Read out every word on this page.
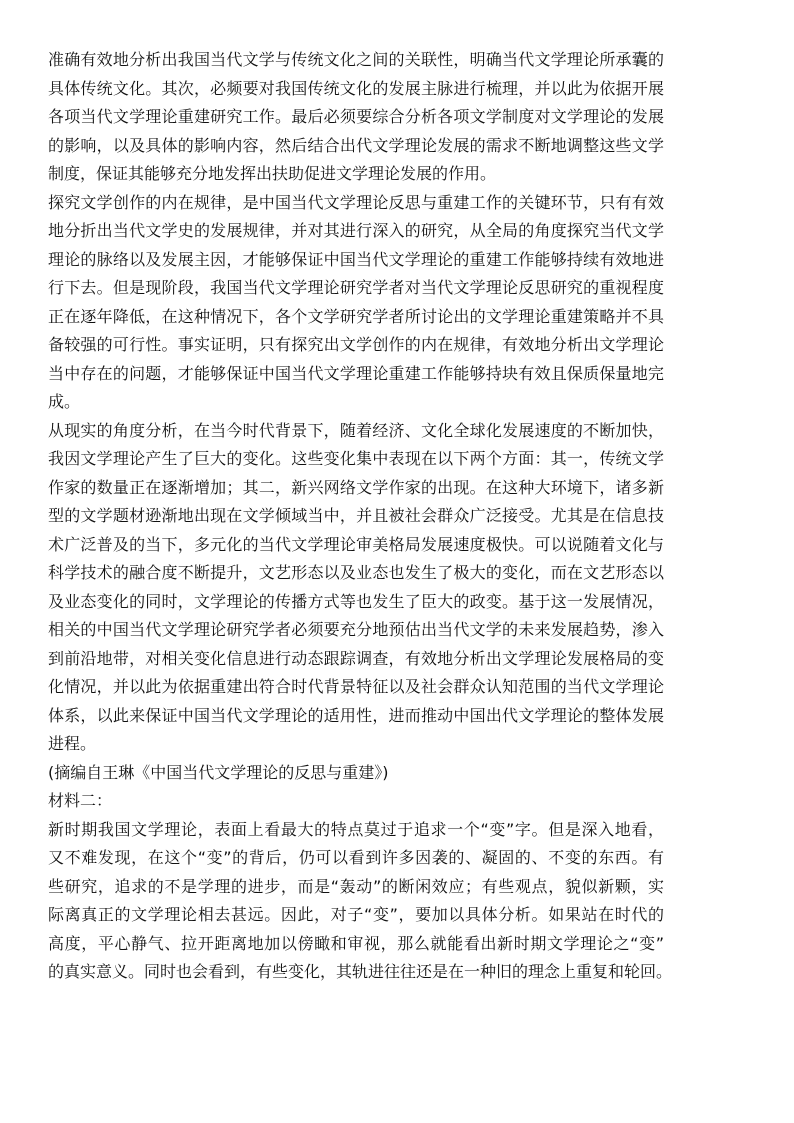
准确有效地分析出我国当代文学与传统文化之间的关联性，明确当代文学理论所承囊的
具体传统文化。其次，必频要对我国传统文化的发展主脉进行梳理，并以此为依据开展
各项当代文学理论重建研究工作。最后必须要综合分析各项文学制度对文学理论的发展
的影响，以及具体的影响内容，然后结合出代文学理论发展的需求不断地调整这些文学
制度，保证其能够充分地发挥出扶助促进文学理论发展的作用。
探究文学创作的内在规律，是中国当代文学理论反思与重建工作的关键环节，只有有效
地分折出当代文学史的发展规律，并对其进行深入的研究，从全局的角度探究当代文学
理论的脉络以及发展主因，才能够保证中国当代文学理论的重建工作能够持续有效地进
行下去。但是现阶段，我国当代文学理论研究学者对当代文学理论反思研究的重视程度
正在逐年降低，在这种情况下，各个文学研究学者所讨论出的文学理论重建策略并不具
备较强的可行性。事实证明，只有探究出文学创作的内在规律，有效地分析出文学理论
当中存在的问题，才能够保证中国当代文学理论重建工作能够持块有效且保质保量地完
成。
从现实的角度分析，在当今时代背景下，随着经济、文化全球化发展速度的不断加快，
我因文学理论产生了巨大的变化。这些变化集中表现在以下两个方面：其一，传统文学
作家的数量正在逐渐增加；其二，新兴网络文学作家的出现。在这种大环境下，诸多新
型的文学题材逊渐地出现在文学倾域当中，并且被社会群众广泛接受。尤其是在信息技
术广泛普及的当下，多元化的当代文学理论审美格局发展速度极快。可以说随着文化与
科学技术的融合度不断提升，文艺形态以及业态也发生了极大的变化，而在文艺形态以
及业态变化的同时，文学理论的传播方式等也发生了臣大的政变。基于这一发展情况，
相关的中国当代文学理论研究学者必须要充分地预估出当代文学的未来发展趋势，渗入
到前沿地带，对相关变化信息进行动态跟踪调查，有效地分析出文学理论发展格局的变
化情况，并以此为依据重建出符合时代背景特征以及社会群众认知范围的当代文学理论
体系，以此来保证中国当代文学理论的适用性，进而推动中国出代文学理论的整体发展
进程。
(摘编自王琳《中国当代文学理论的反思与重建》)
材料二：
新时期我国文学理论，表面上看最大的特点莫过于追求一个“变”字。但是深入地看，
又不难发现，在这个“变”的背后，仍可以看到许多因袭的、凝固的、不变的东西。有
些研究，追求的不是学理的进步，而是“轰动”的断闲效应；有些观点，貌似新颗，实
际离真正的文学理论相去甚远。因此，对子“变”，要加以具体分析。如果站在时代的
高度，平心静气、拉开距离地加以傍瞰和审视，那么就能看出新时期文学理论之“变”
的真实意义。同时也会看到，有些变化，其轨进往往还是在一种旧的理念上重复和轮回。
